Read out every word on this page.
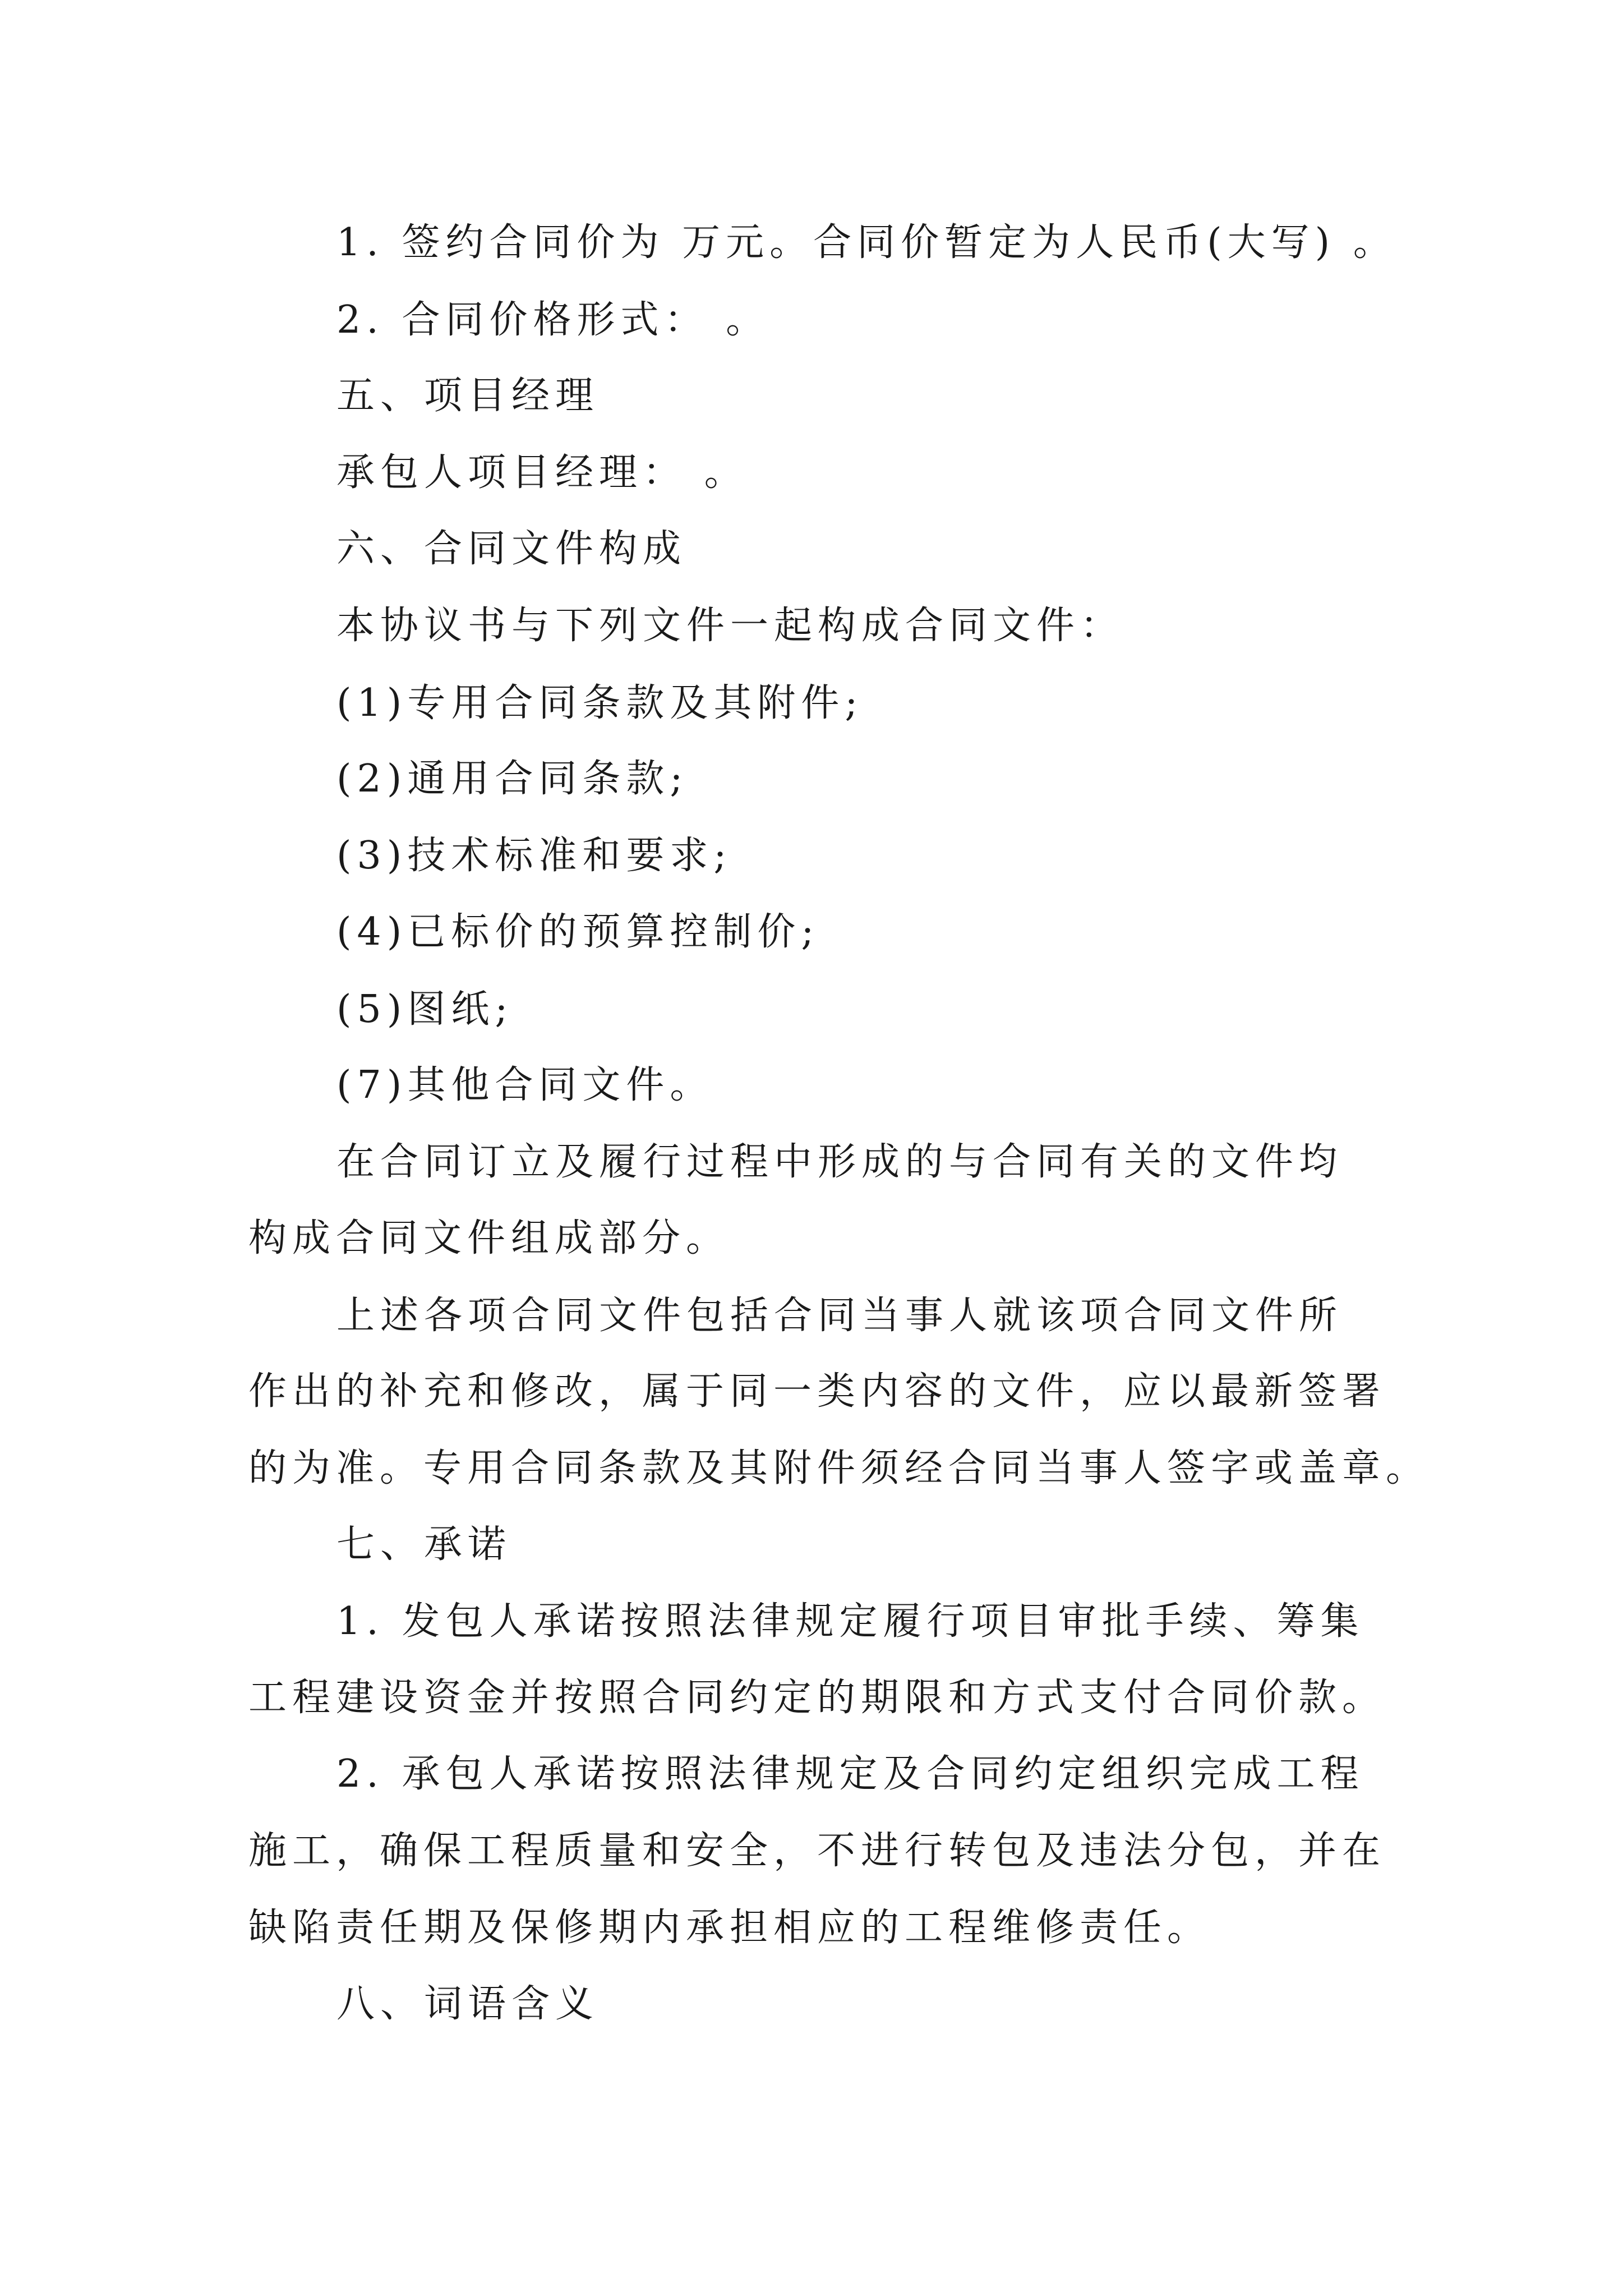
1. 签约合同价为 万元。合同价暂定为人民币(大写) 。
2. 合同价格形式： 。
五、项目经理
承包人项目经理： 。
六、合同文件构成
本协议书与下列文件一起构成合同文件：
(1)专用合同条款及其附件;
(2)通用合同条款;
(3)技术标准和要求;
(4)已标价的预算控制价;
(5)图纸;
(7)其他合同文件。
在合同订立及履行过程中形成的与合同有关的文件均
构成合同文件组成部分。
上述各项合同文件包括合同当事人就该项合同文件所
作出的补充和修改，属于同一类内容的文件，应以最新签署
的为准。专用合同条款及其附件须经合同当事人签字或盖章。
七、承诺
1. 发包人承诺按照法律规定履行项目审批手续、筹集
工程建设资金并按照合同约定的期限和方式支付合同价款。
2. 承包人承诺按照法律规定及合同约定组织完成工程
施工，确保工程质量和安全，不进行转包及违法分包，并在
缺陷责任期及保修期内承担相应的工程维修责任。
八、词语含义
